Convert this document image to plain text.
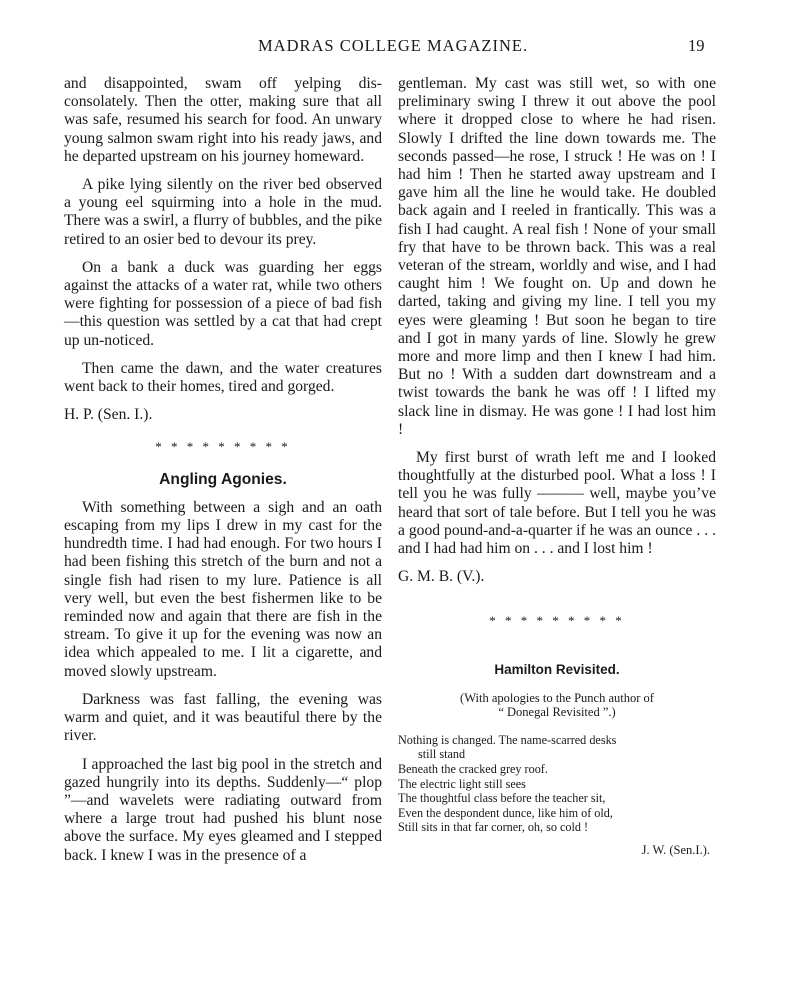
MADRAS COLLEGE MAGAZINE.	19

and disappointed, swam off yelping dis-consolately. Then the otter, making sure that all was safe, resumed his search for food. An unwary young salmon swam right into his ready jaws, and he departed upstream on his journey homeward.

A pike lying silently on the river bed observed a young eel squirming into a hole in the mud. There was a swirl, a flurry of bubbles, and the pike retired to an osier bed to devour its prey.

On a bank a duck was guarding her eggs against the attacks of a water rat, while two others were fighting for possession of a piece of bad fish—this question was settled by a cat that had crept up un-noticed.

Then came the dawn, and the water creatures went back to their homes, tired and gorged.

H. P. (Sen. I.).

* * * * * * * * *
Angling Agonies.

With something between a sigh and an oath escaping from my lips I drew in my cast for the hundredth time. I had had enough. For two hours I had been fishing this stretch of the burn and not a single fish had risen to my lure. Patience is all very well, but even the best fishermen like to be reminded now and again that there are fish in the stream. To give it up for the evening was now an idea which appealed to me. I lit a cigarette, and moved slowly upstream.

Darkness was fast falling, the evening was warm and quiet, and it was beautiful there by the river.

I approached the last big pool in the stretch and gazed hungrily into its depths. Suddenly—“ plop ”—and wavelets were radiating outward from where a large trout had pushed his blunt nose above the surface. My eyes gleamed and I stepped back. I knew I was in the presence of a

gentleman. My cast was still wet, so with one preliminary swing I threw it out above the pool where it dropped close to where he had risen. Slowly I drifted the line down towards me. The seconds passed—he rose, I struck ! He was on ! I had him ! Then he started away upstream and I gave him all the line he would take. He doubled back again and I reeled in frantically. This was a fish I had caught. A real fish ! None of your small fry that have to be thrown back. This was a real veteran of the stream, worldly and wise, and I had caught him ! We fought on. Up and down he darted, taking and giving my line. I tell you my eyes were gleaming ! But soon he began to tire and I got in many yards of line. Slowly he grew more and more limp and then I knew I had him. But no ! With a sudden dart downstream and a twist towards the bank he was off ! I lifted my slack line in dismay. He was gone ! I had lost him !

My first burst of wrath left me and I looked thoughtfully at the disturbed pool. What a loss ! I tell you he was fully ——— well, maybe you’ve heard that sort of tale before. But I tell you he was a good pound-and-a-quarter if he was an ounce . . . and I had had him on . . . and I lost him !

G. M. B. (V.).

* * * * * * * * *
Hamilton Revisited.
(With apologies to the Punch author of
“ Donegal Revisited ”.)
Nothing is changed. The name-scarred desks
still stand
Beneath the cracked grey roof.
The electric light still sees
The thoughtful class before the teacher sit,
Even the despondent dunce, like him of old,
Still sits in that far corner, oh, so cold !
J. W. (Sen.I.).
